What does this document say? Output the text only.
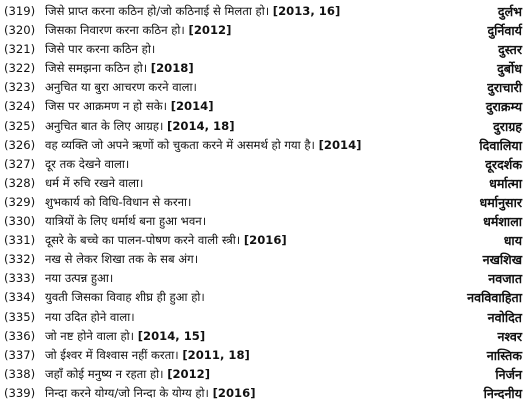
(319) जिसे प्राप्त करना कठिन हो/जो कठिनाई से मिलता हो। [2013, 16]	दुर्लभ
(320) जिसका निवारण करना कठिन हो। [2012]	दुर्निवार्य
(321) जिसे पार करना कठिन हो।	दुस्तर
(322) जिसे समझना कठिन हो। [2018]	दुर्बोध
(323) अनुचित या बुरा आचरण करने वाला।	दुराचारी
(324) जिस पर आक्रमण न हो सके। [2014]	दुराक्रम्य
(325) अनुचित बात के लिए आग्रह। [2014, 18]	दुराग्रह
(326) वह व्यक्ति जो अपने ऋणों को चुकता करने में असमर्थ हो गया है। [2014]	दिवालिया
(327) दूर तक देखने वाला।	दूरदर्शक
(328) धर्म में रुचि रखने वाला।	धर्मात्मा
(329) शुभकार्य को विधि-विधान से करना।	धर्मानुसार
(330) यात्रियों के लिए धर्मार्थ बना हुआ भवन।	धर्मशाला
(331) दूसरे के बच्चे का पालन-पोषण करने वाली स्त्री। [2016]	धाय
(332) नख से लेकर शिखा तक के सब अंग।	नखशिख
(333) नया उत्पन्न हुआ।	नवजात
(334) युवती जिसका विवाह शीघ्र ही हुआ हो।	नवविवाहिता
(335) नया उदित होने वाला।	नवोदित
(336) जो नष्ट होने वाला हो। [2014, 15]	नश्वर
(337) जो ईश्वर में विश्वास नहीं करता। [2011, 18]	नास्तिक
(338) जहाँ कोई मनुष्य न रहता हो। [2012]	निर्जन
(339) निन्दा करने योग्य/जो निन्दा के योग्य हो। [2016]	निन्दनीय
